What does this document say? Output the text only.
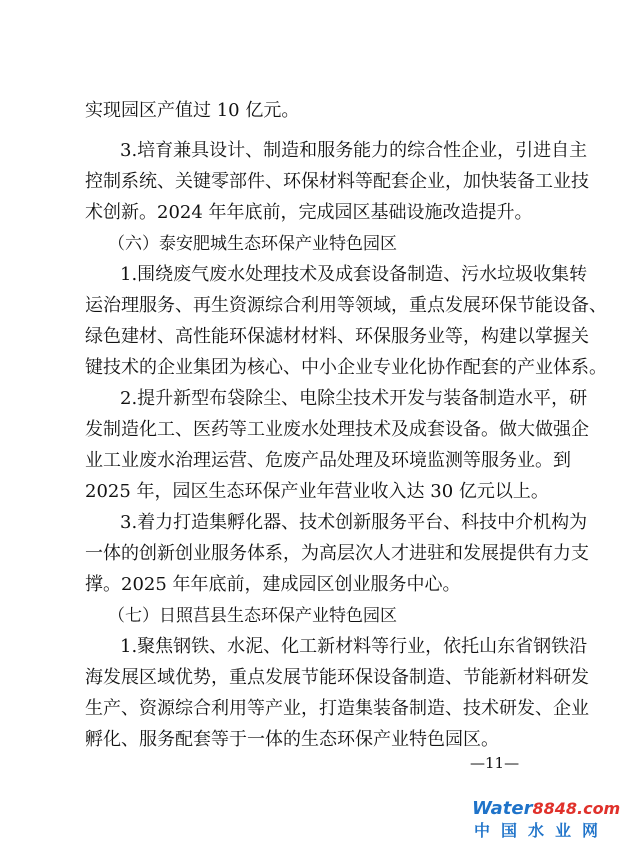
实现园区产值过 10 亿元。
3.培育兼具设计、制造和服务能力的综合性企业，引进自主
控制系统、关键零部件、环保材料等配套企业，加快装备工业技
术创新。2024 年年底前，完成园区基础设施改造提升。
（六）泰安肥城生态环保产业特色园区
1.围绕废气废水处理技术及成套设备制造、污水垃圾收集转
运治理服务、再生资源综合利用等领域，重点发展环保节能设备、
绿色建材、高性能环保滤材材料、环保服务业等，构建以掌握关
键技术的企业集团为核心、中小企业专业化协作配套的产业体系。
2.提升新型布袋除尘、电除尘技术开发与装备制造水平，研
发制造化工、医药等工业废水处理技术及成套设备。做大做强企
业工业废水治理运营、危废产品处理及环境监测等服务业。到
2025 年，园区生态环保产业年营业收入达 30 亿元以上。
3.着力打造集孵化器、技术创新服务平台、科技中介机构为
一体的创新创业服务体系，为高层次人才进驻和发展提供有力支
撑。2025 年年底前，建成园区创业服务中心。
（七）日照莒县生态环保产业特色园区
1.聚焦钢铁、水泥、化工新材料等行业，依托山东省钢铁沿
海发展区域优势，重点发展节能环保设备制造、节能新材料研发
生产、资源综合利用等产业，打造集装备制造、技术研发、企业
孵化、服务配套等于一体的生态环保产业特色园区。
—11—
Water8848.com
中国水业网
